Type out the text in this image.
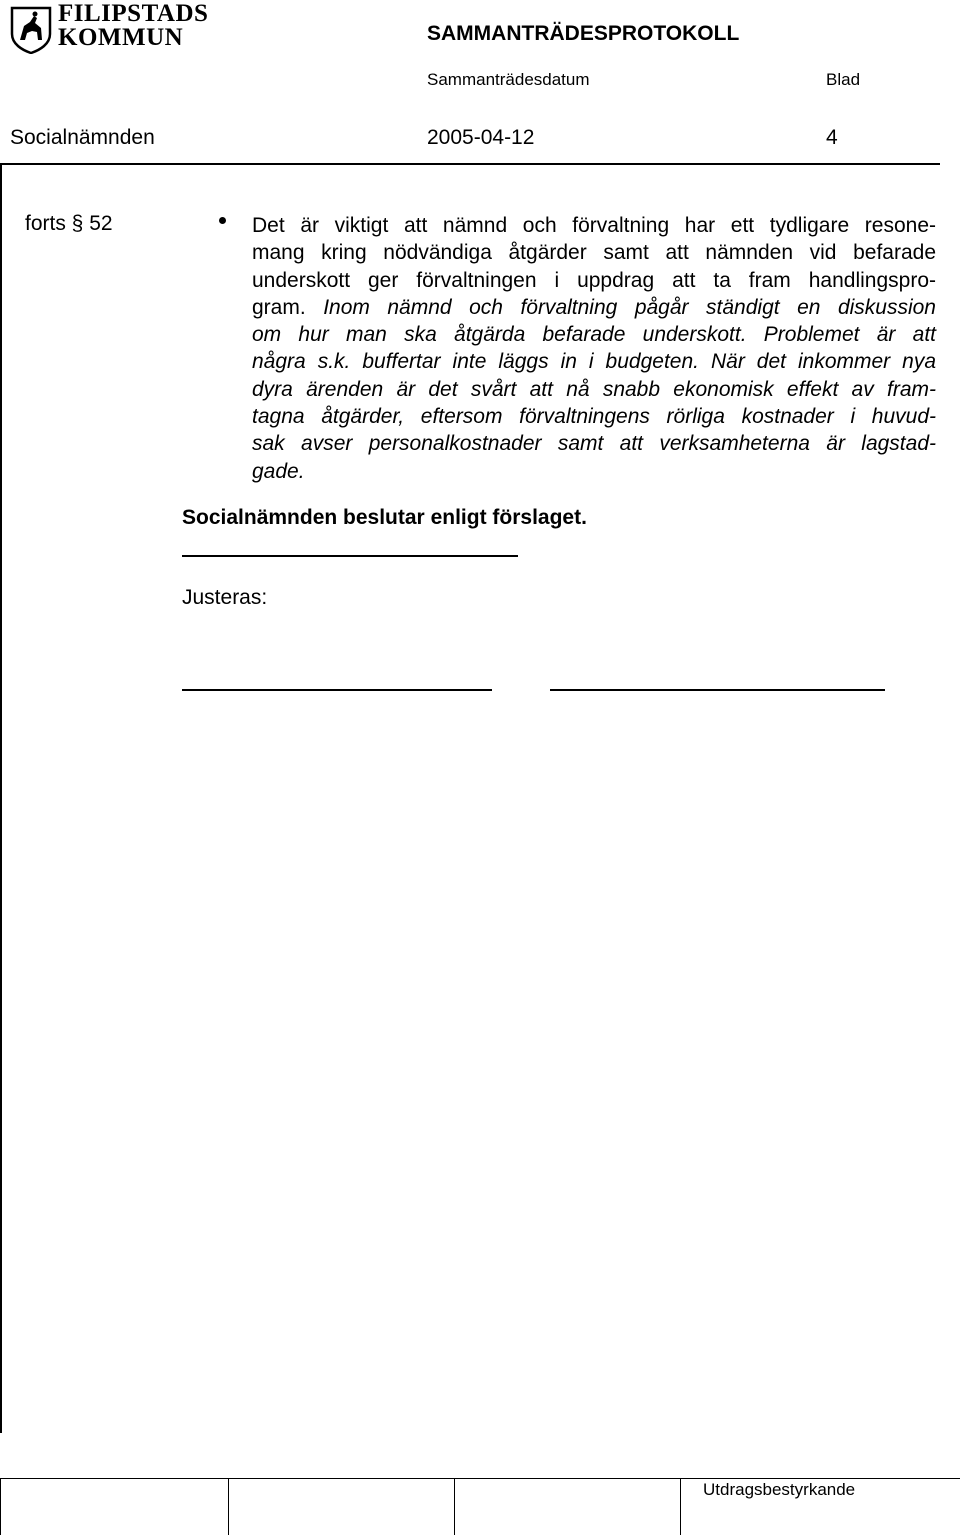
FILIPSTADS
KOMMUN	SAMMANTRÄDESPROTOKOLL
Sammanträdesdatum	Blad
Socialnämnden	2005-04-12	4
forts § 52	Det är viktigt att nämnd och förvaltning har ett tydligare resone-
mang kring nödvändiga åtgärder samt att nämnden vid befarade
underskott ger förvaltningen i uppdrag att ta fram handlingspro-
gram. Inom nämnd och förvaltning pågår ständigt en diskussion
om hur man ska åtgärda befarade underskott. Problemet är att
några s.k. buffertar inte läggs in i budgeten. När det inkommer nya
dyra ärenden är det svårt att nå snabb ekonomisk effekt av fram-
tagna åtgärder, eftersom förvaltningens rörliga kostnader i huvud-
sak avser personalkostnader samt att verksamheterna är lagstad-
gade.
Socialnämnden beslutar enligt förslaget.
Justeras:
Utdragsbestyrkande
